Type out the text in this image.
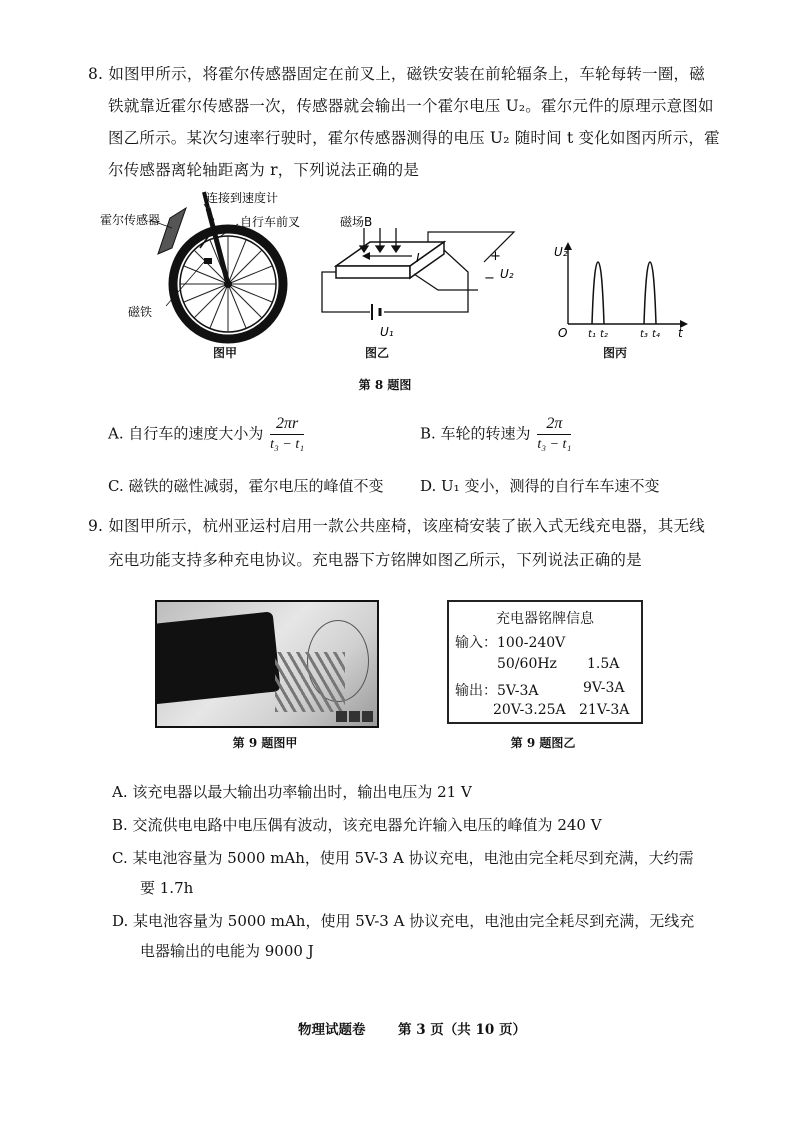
8. 如图甲所示，将霍尔传感器固定在前叉上，磁铁安装在前轮辐条上，车轮每转一圈，磁
铁就靠近霍尔传感器一次，传感器就会输出一个霍尔电压 U₂。霍尔元件的原理示意图如
图乙所示。某次匀速率行驶时，霍尔传感器测得的电压 U₂ 随时间 t 变化如图丙所示，霍
尔传感器离轮轴距离为 r，下列说法正确的是
连接到速度计
霍尔传感器	自行车前叉
磁铁
图甲
磁场B
I	+
− U₂
U₁
图乙
U₂
t
O t₁ t₂	t₃ t₄
图丙
第 8 题图
A. 自行车的速度大小为 $\frac{2\pi r}{\text{t₃ − t₁}}$	B. 车轮的转速为 $\frac{2\pi}{\text{t₃ − t₁}}$
C. 磁铁的磁性减弱，霍尔电压的峰值不变 D. U₁ 变小，测得的自行车车速不变
9. 如图甲所示，杭州亚运村启用一款公共座椅，该座椅安装了嵌入式无线充电器，其无线
充电功能支持多种充电协议。充电器下方铭牌如图乙所示，下列说法正确的是
第 9 题图甲
充电器铭牌信息
输入：100-240V
50/60Hz 1.5A
输出：5V-3A	9V-3A
20V-3.25A 21V-3A
第 9 题图乙
A. 该充电器以最大输出功率输出时，输出电压为 21 V
B. 交流供电电路中电压偶有波动，该充电器允许输入电压的峰值为 240 V
C. 某电池容量为 5000 mAh，使用 5V-3 A 协议充电，电池由完全耗尽到充满，大约需
要 1.7h
D. 某电池容量为 5000 mAh，使用 5V-3 A 协议充电，电池由完全耗尽到充满，无线充
电器输出的电能为 9000 J
物理试题卷 第 3 页（共 10 页）
